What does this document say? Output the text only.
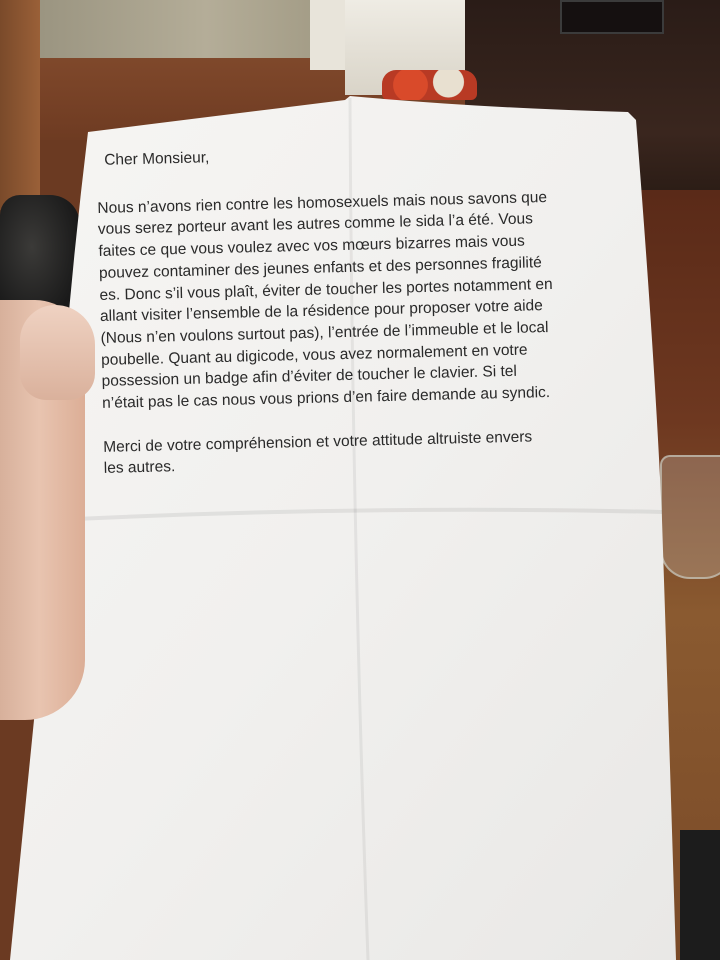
Cher Monsieur,
Nous n’avons rien contre les homosexuels mais nous savons que
vous serez porteur avant les autres comme le sida l’a été. Vous
faites ce que vous voulez avec vos mœurs bizarres mais vous
pouvez contaminer des jeunes enfants et des personnes fragilité
es. Donc s’il vous plaît, éviter de toucher les portes notamment en
allant visiter l’ensemble de la résidence pour proposer votre aide
(Nous n’en voulons surtout pas), l’entrée de l’immeuble et le local
poubelle. Quant au digicode, vous avez normalement en votre
possession un badge afin d’éviter de toucher le clavier. Si tel
n’était pas le cas nous vous prions d’en faire demande au syndic.
Merci de votre compréhension et votre attitude altruiste envers
les autres.
